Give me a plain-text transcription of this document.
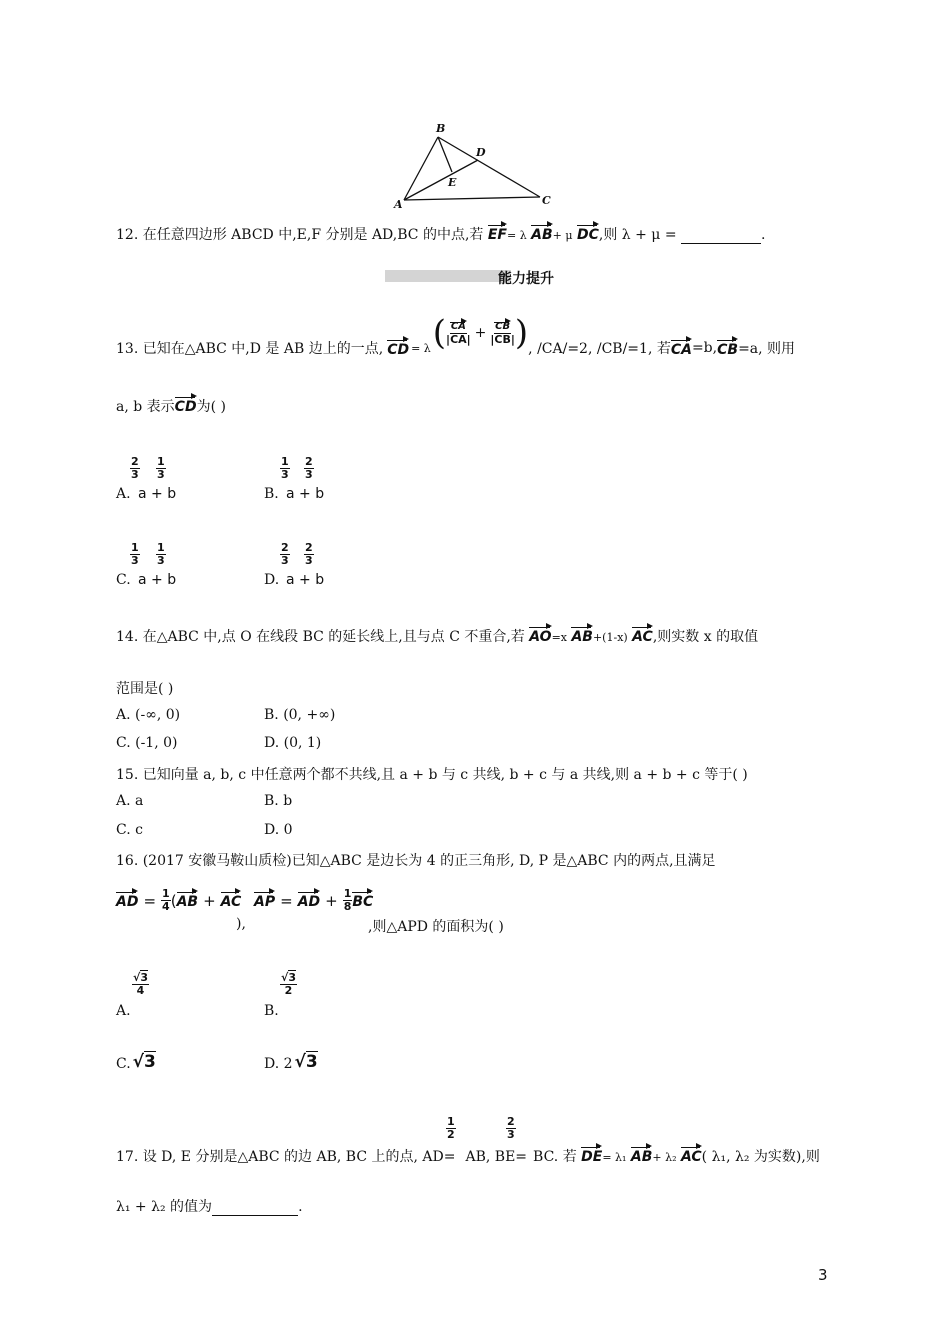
B
D
E
A	C
12. 在任意四边形 ABCD 中,E,F 分别是 AD,BC 的中点,若 EF= λ AB+ μ DC,则 λ + μ =	.
能力提升
13. 已知在△ABC 中,D 是 AB 边上的一点, CD = λ ( $\frac{CA}{|CA|} + \frac{CB}{|CB|}$ ) , /CA/=2, /CB/=1, 若 CA =b, CB =a, 则用
a, b 表示CD为( )
$\frac{2}{3} \frac{1}{3}$
A. a + b
$\frac{1}{3} \frac{2}{3}$
B. a + b
$\frac{1}{3} \frac{1}{3}$
C. a + b
$\frac{2}{3} \frac{2}{3}$
D. a + b
14. 在△ABC 中,点 O 在线段 BC 的延长线上,且与点 C 不重合,若 AO=x AB+(1-x) AC,则实数 x 的取值
范围是( )
A. (-∞, 0)	B. (0, +∞)
C. (-1, 0)	D. (0, 1)
15. 已知向量 a, b, c 中任意两个都不共线,且 a + b 与 c 共线, b + c 与 a 共线,则 a + b + c 等于( )
A. a	B. b
C. c	D. 0
16. (2017 安徽马鞍山质检)已知△ABC 是边长为 4 的正三角形, D, P 是△ABC 内的两点,且满足
AD = $\frac{1}{4}$ ( AB + AC AP = AD + $\frac{1}{8}$ BC
),	,则△APD 的面积为( )
$\frac{√3}{4}$
A.
$\frac{√3}{2}$
B.
C. √3	D. 2 √3
$\frac{1}{2}$	$\frac{2}{3}$
17. 设 D, E 分别是△ABC 的边 AB, BC 上的点, AD= AB, BE= BC. 若 DE= λ₁ AB+ λ₂ AC( λ₁, λ₂ 为实数),则
λ₁ + λ₂ 的值为	.
3
